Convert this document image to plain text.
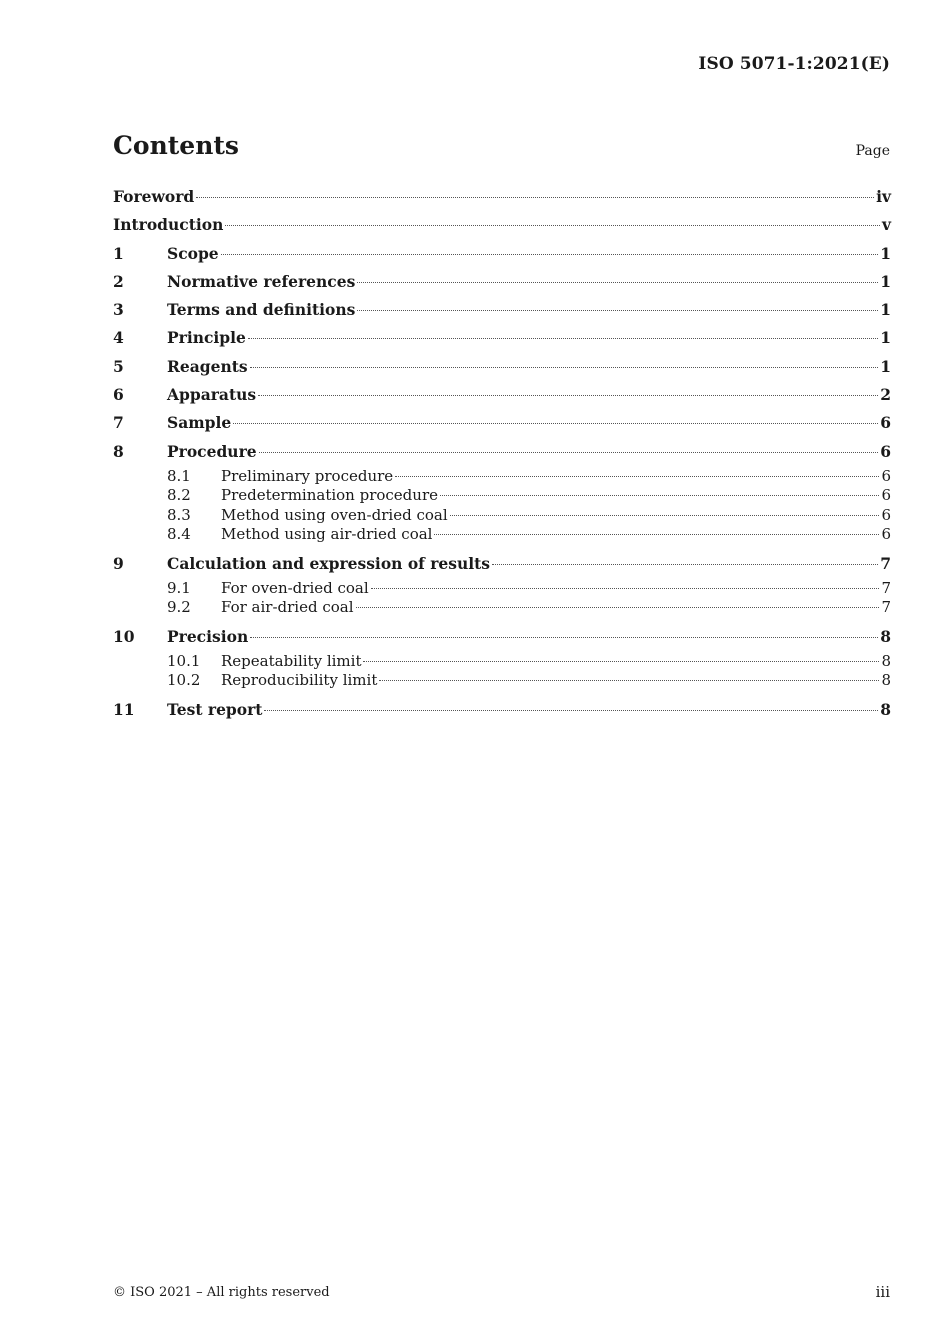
ISO 5071-1:2021(E)
Contents	Page
Foreword	iv
Introduction	v
1	Scope	1
2	Normative references	1
3	Terms and definitions	1
4	Principle	1
5	Reagents	1
6	Apparatus	2
7	Sample	6
8	Procedure	6
8.1	Preliminary procedure	6
8.2	Predetermination procedure	6
8.3	Method using oven-dried coal	6
8.4	Method using air-dried coal	6
9	Calculation and expression of results	7
9.1	For oven-dried coal	7
9.2	For air-dried coal	7
10	Precision	8
10.1	Repeatability limit	8
10.2	Reproducibility limit	8
11	Test report	8
© ISO 2021 – All rights reserved	iii
